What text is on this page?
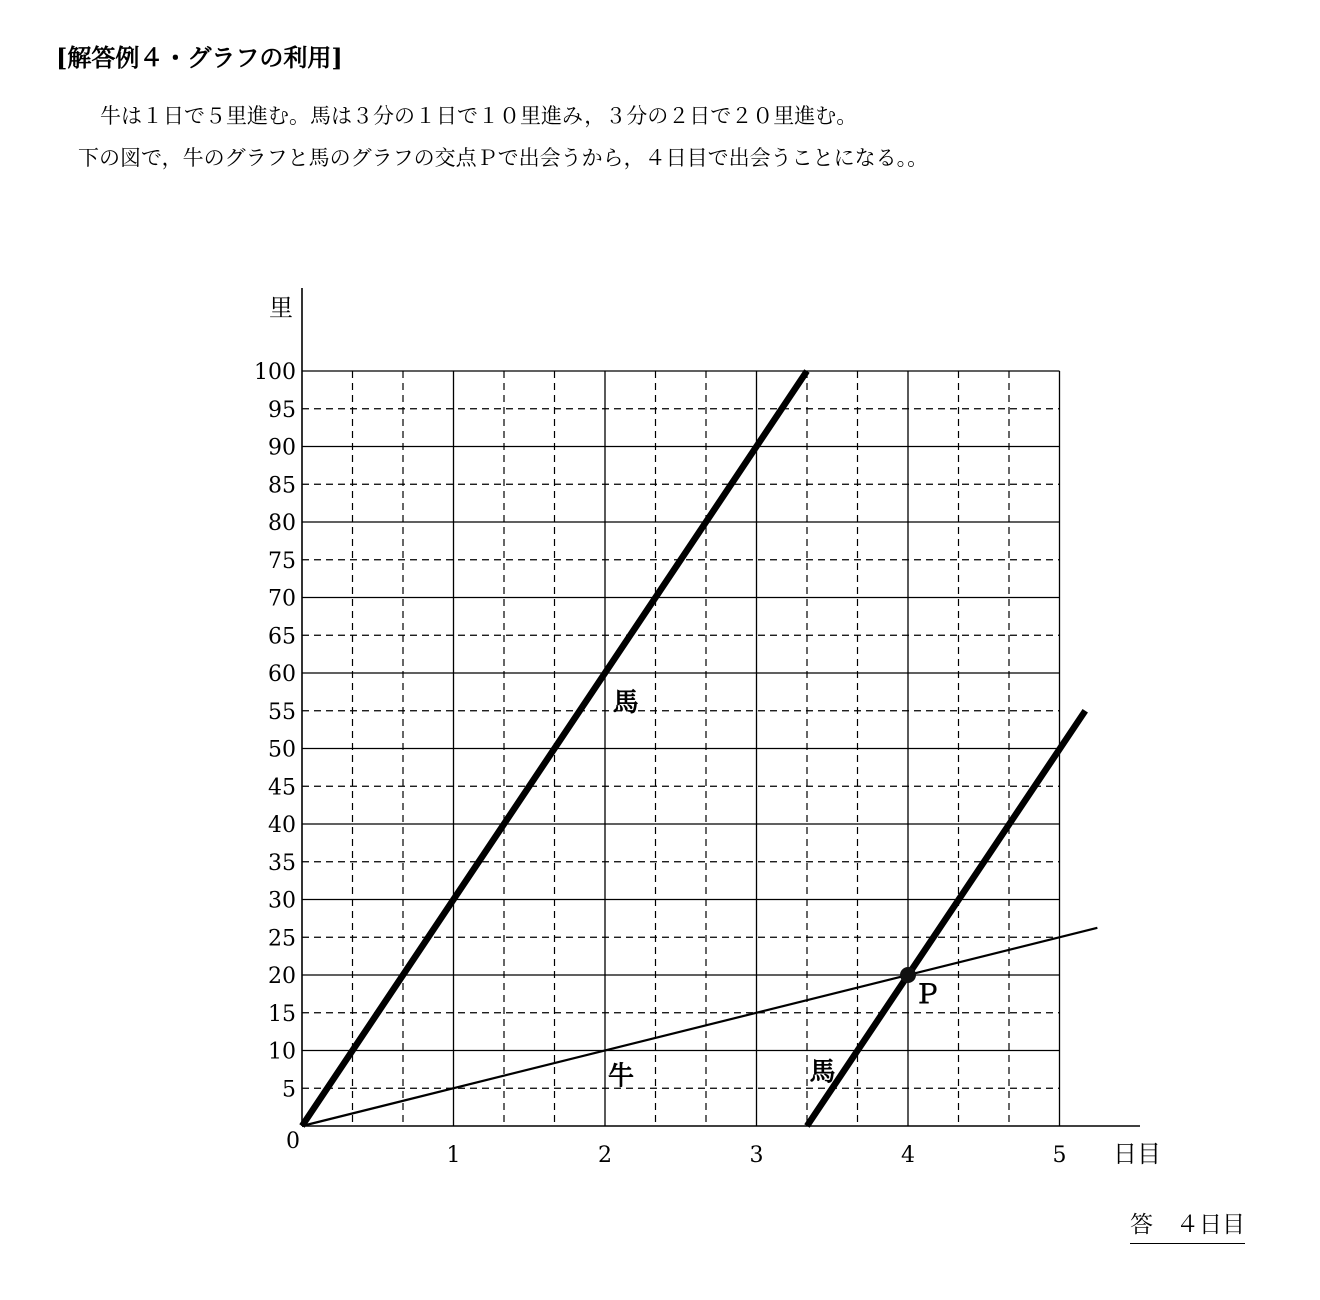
[解答例４・グラフの利用]
牛は１日で５里進む。馬は３分の１日で１０里進み，３分の２日で２０里進む。
下の図で，牛のグラフと馬のグラフの交点Ｐで出会うから，４日目で出会うことになる。。
100
95
90
85
80
75
70
65
60
55
50
45
40
35
30
25
20
15
10
5
0
1	2	3	4	5
里
日目
馬
牛	馬
Ｐ
答　４日目
